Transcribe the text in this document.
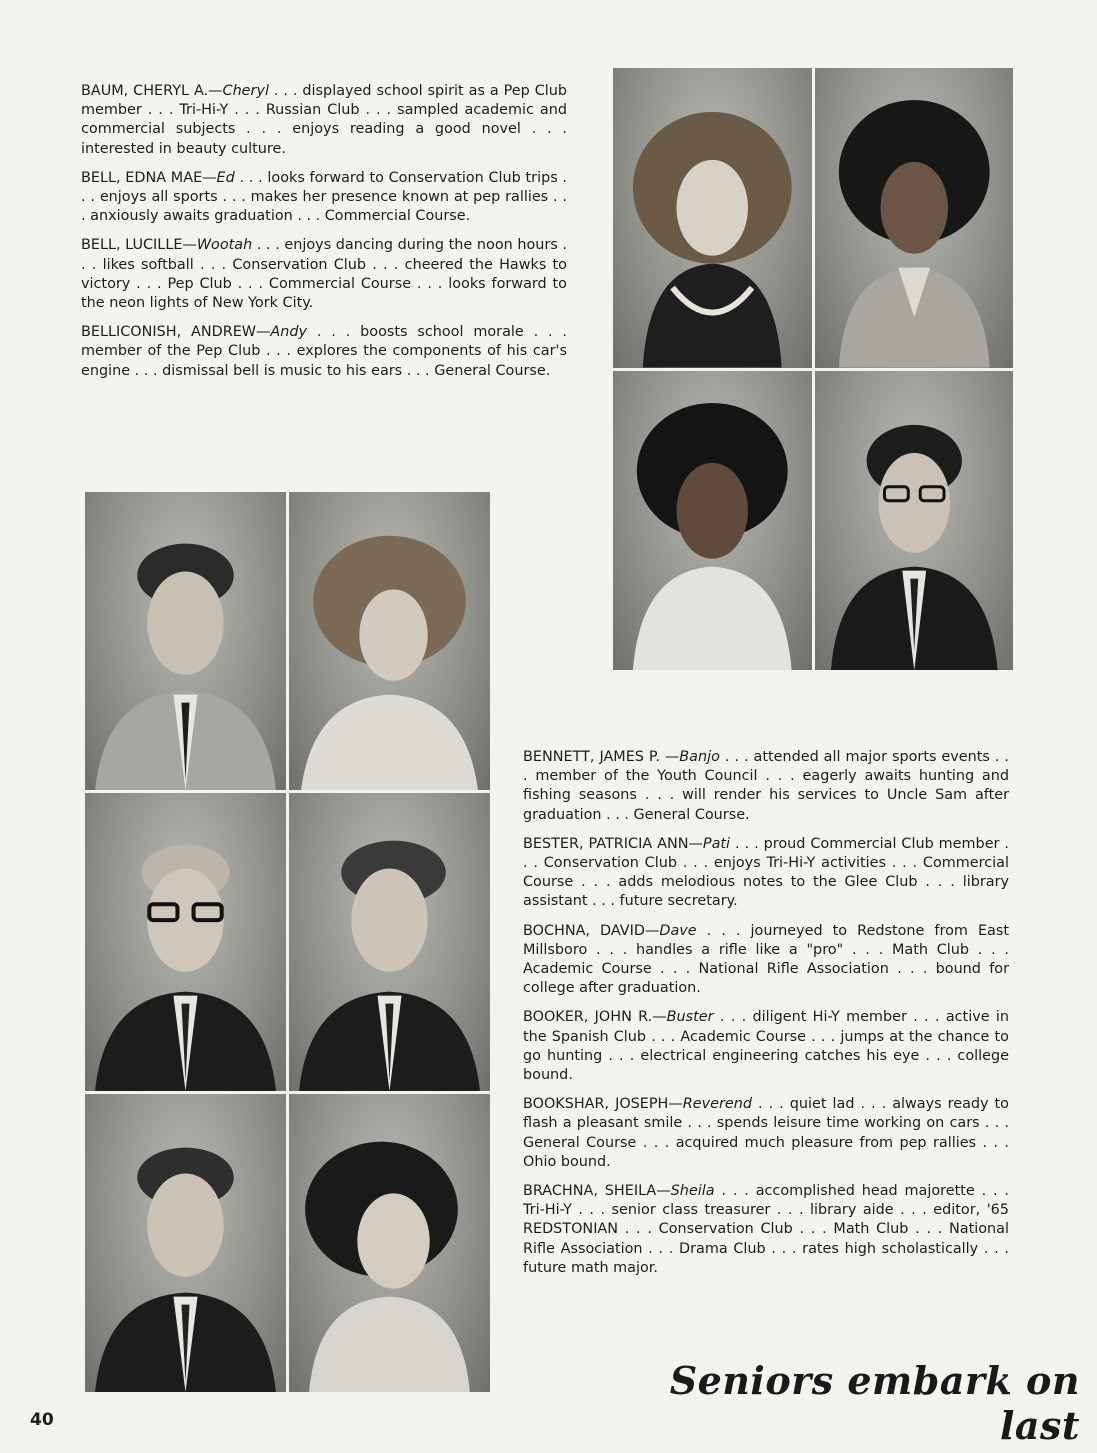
BAUM, CHERYL A.—Cheryl . . . displayed school spirit as a Pep Club member . . . Tri-Hi-Y . . . Russian Club . . . sampled academic and commercial subjects . . . enjoys reading a good novel . . . interested in beauty culture.

BELL, EDNA MAE—Ed . . . looks forward to Conservation Club trips . . . enjoys all sports . . . makes her presence known at pep rallies . . . anxiously awaits graduation . . . Commercial Course.

BELL, LUCILLE—Wootah . . . enjoys dancing during the noon hours . . . likes softball . . . Conservation Club . . . cheered the Hawks to victory . . . Pep Club . . . Commercial Course . . . looks forward to the neon lights of New York City.

BELLICONISH, ANDREW—Andy . . . boosts school morale . . . member of the Pep Club . . . explores the components of his car's engine . . . dismissal bell is music to his ears . . . General Course.

BENNETT, JAMES P. —Banjo . . . attended all major sports events . . . member of the Youth Council . . . eagerly awaits hunting and fishing seasons . . . will render his services to Uncle Sam after graduation . . . General Course.

BESTER, PATRICIA ANN—Pati . . . proud Commercial Club member . . . Conservation Club . . . enjoys Tri-Hi-Y activities . . . Commercial Course . . . adds melodious notes to the Glee Club . . . library assistant . . . future secretary.

BOCHNA, DAVID—Dave . . . journeyed to Redstone from East Millsboro . . . handles a rifle like a "pro" . . . Math Club . . . Academic Course . . . National Rifle Association . . . bound for college after graduation.

BOOKER, JOHN R.—Buster . . . diligent Hi-Y member . . . active in the Spanish Club . . . Academic Course . . . jumps at the chance to go hunting . . . electrical engineering catches his eye . . . college bound.

BOOKSHAR, JOSEPH—Reverend . . . quiet lad . . . always ready to flash a pleasant smile . . . spends leisure time working on cars . . . General Course . . . acquired much pleasure from pep rallies . . . Ohio bound.

BRACHNA, SHEILA—Sheila . . . accomplished head majorette . . . Tri-Hi-Y . . . senior class treasurer . . . library aide . . . editor, '65 REDSTONIAN . . . Conservation Club . . . Math Club . . . National Rifle Association . . . Drama Club . . . rates high scholastically . . . future math major.

Seniors embark on last
40
